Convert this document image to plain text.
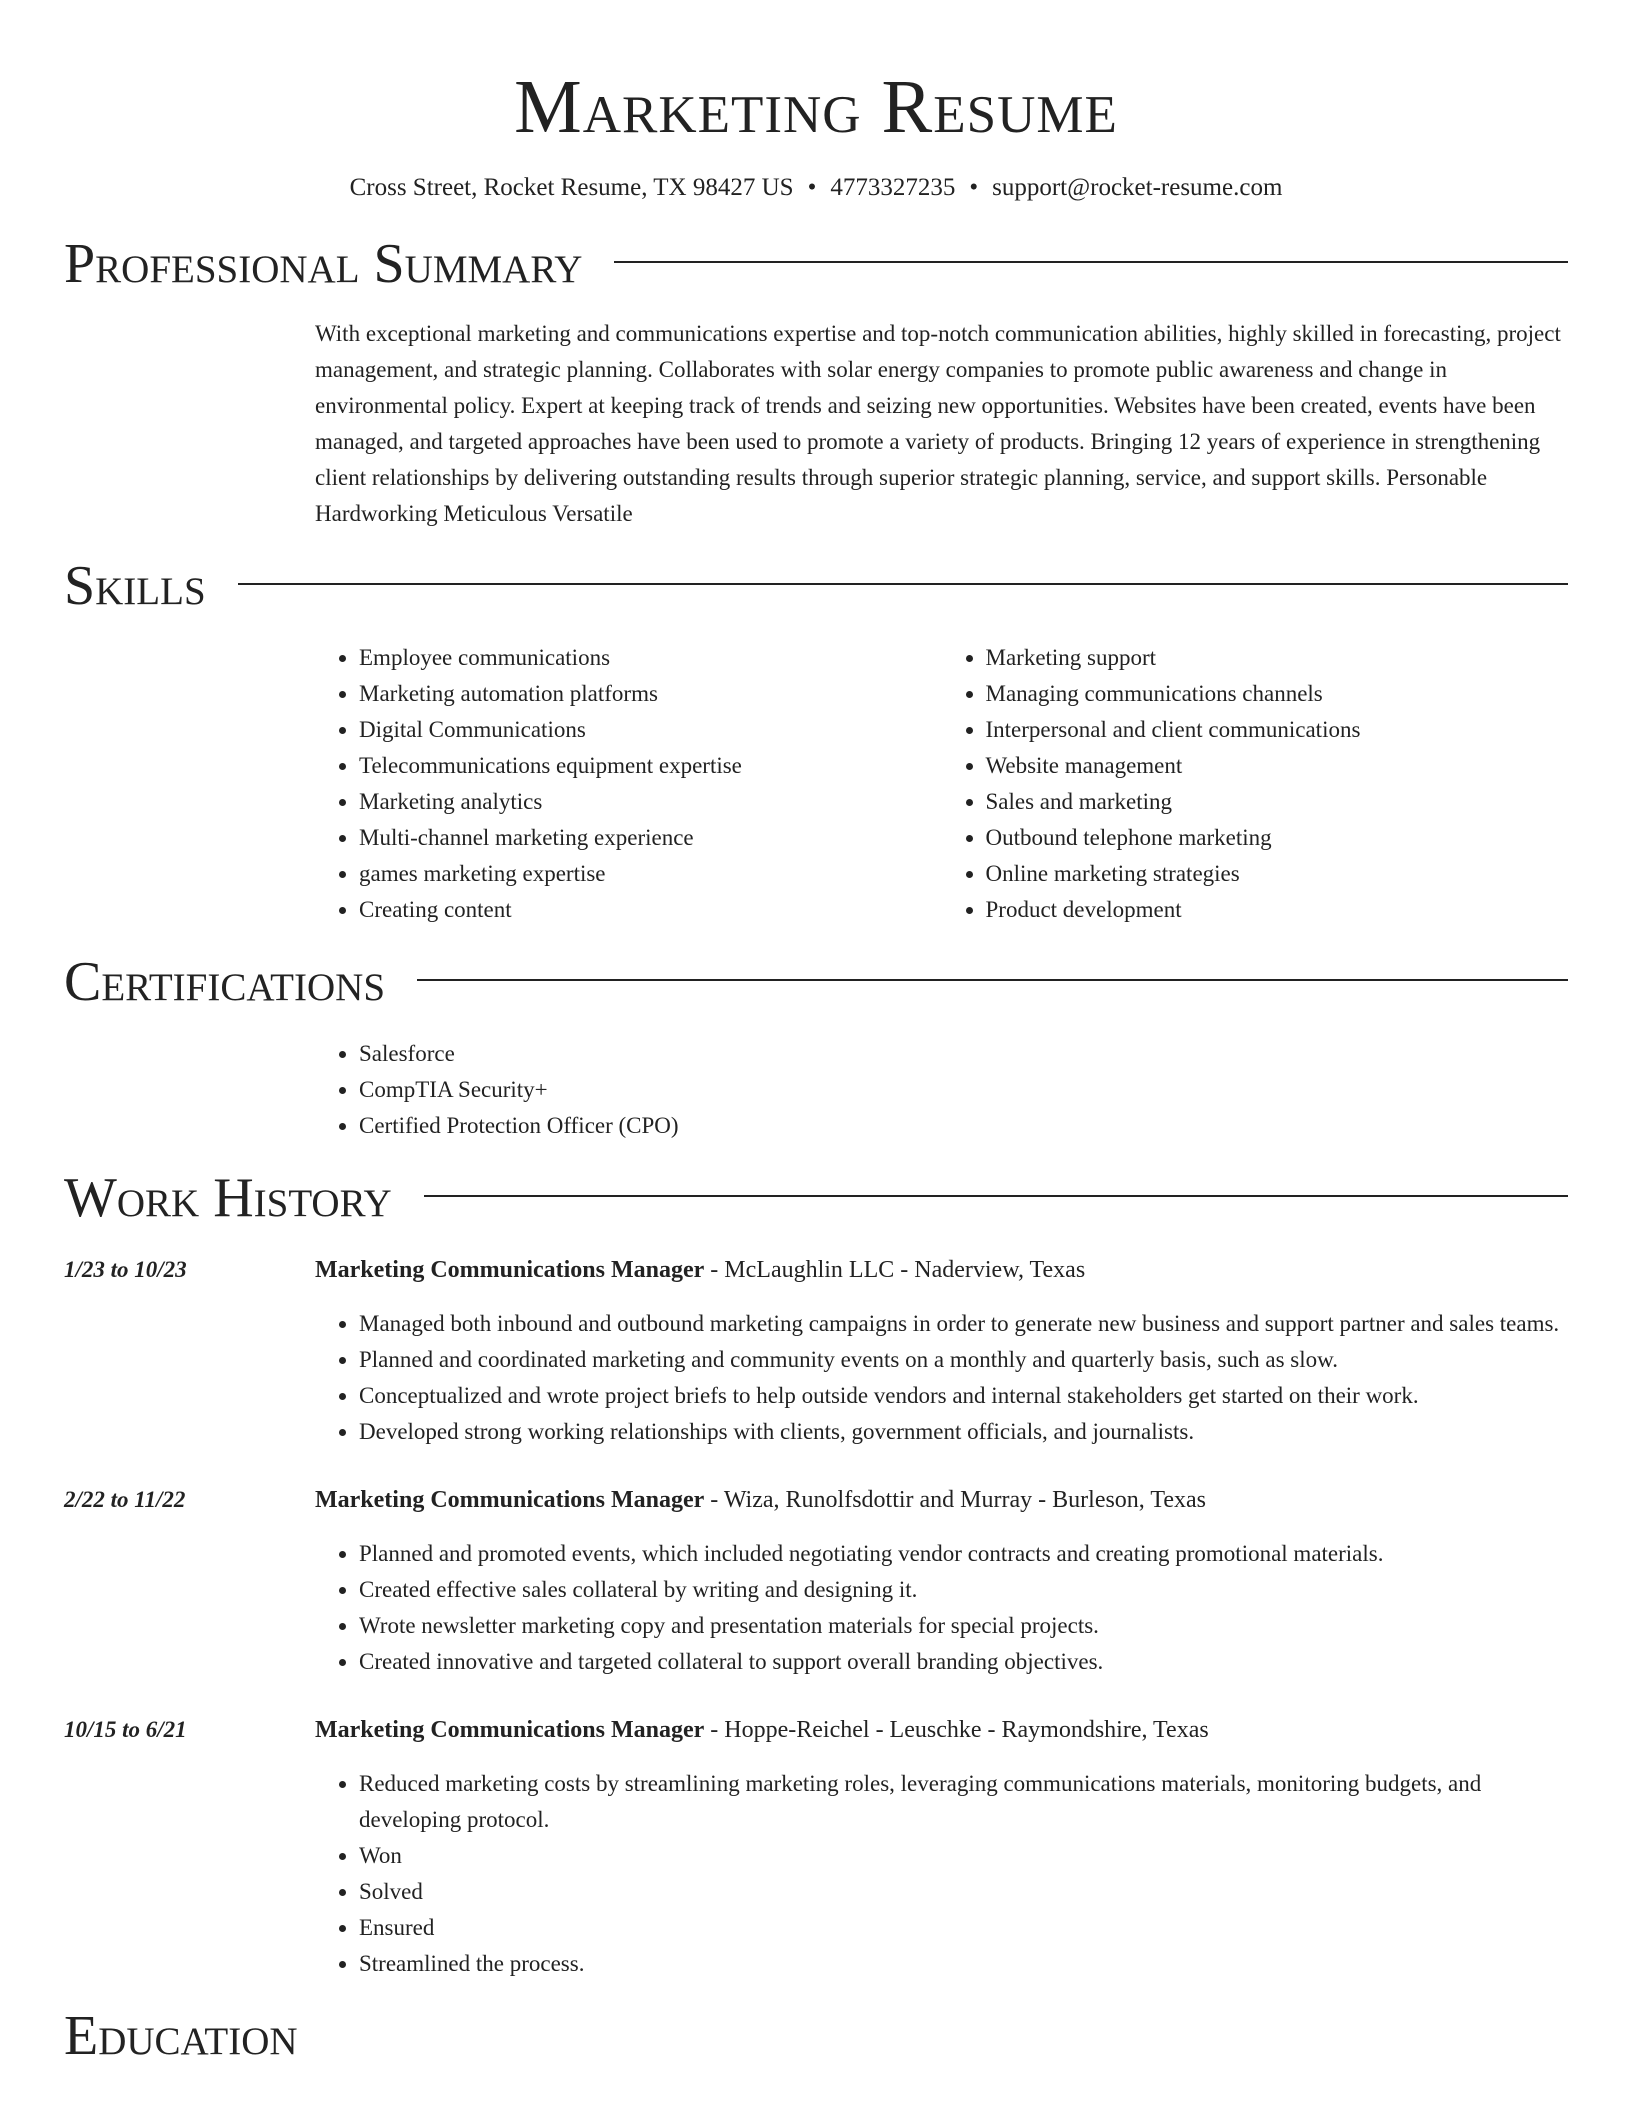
Marketing Resume
Cross Street, Rocket Resume, TX 98427 US • 4773327235 • support@rocket-resume.com
Professional Summary

With exceptional marketing and communications expertise and top-notch communication abilities, highly skilled in forecasting, project management, and strategic planning. Collaborates with solar energy companies to promote public awareness and change in environmental policy. Expert at keeping track of trends and seizing new opportunities. Websites have been created, events have been managed, and targeted approaches have been used to promote a variety of products. Bringing 12 years of experience in strengthening client relationships by delivering outstanding results through superior strategic planning, service, and support skills. Personable Hardworking Meticulous Versatile

Skills
• Employee communications
• Marketing automation platforms
• Digital Communications
• Telecommunications equipment expertise
• Marketing analytics
• Multi-channel marketing experience
• games marketing expertise
• Creating content
• Marketing support
• Managing communications channels
• Interpersonal and client communications
• Website management
• Sales and marketing
• Outbound telephone marketing
• Online marketing strategies
• Product development
Certifications
• Salesforce
• CompTIA Security+
• Certified Protection Officer (CPO)
Work History
1/23 to 10/23	Marketing Communications Manager - McLaughlin LLC - Naderview, Texas
• Managed both inbound and outbound marketing campaigns in order to generate new business and support partner and sales teams.
• Planned and coordinated marketing and community events on a monthly and quarterly basis, such as slow.
• Conceptualized and wrote project briefs to help outside vendors and internal stakeholders get started on their work.
• Developed strong working relationships with clients, government officials, and journalists.
2/22 to 11/22	Marketing Communications Manager - Wiza, Runolfsdottir and Murray - Burleson, Texas
• Planned and promoted events, which included negotiating vendor contracts and creating promotional materials.
• Created effective sales collateral by writing and designing it.
• Wrote newsletter marketing copy and presentation materials for special projects.
• Created innovative and targeted collateral to support overall branding objectives.
10/15 to 6/21	Marketing Communications Manager - Hoppe-Reichel - Leuschke - Raymondshire, Texas
• Reduced marketing costs by streamlining marketing roles, leveraging communications materials, monitoring budgets, and developing protocol.
• Won
• Solved
• Ensured
• Streamlined the process.
Education
